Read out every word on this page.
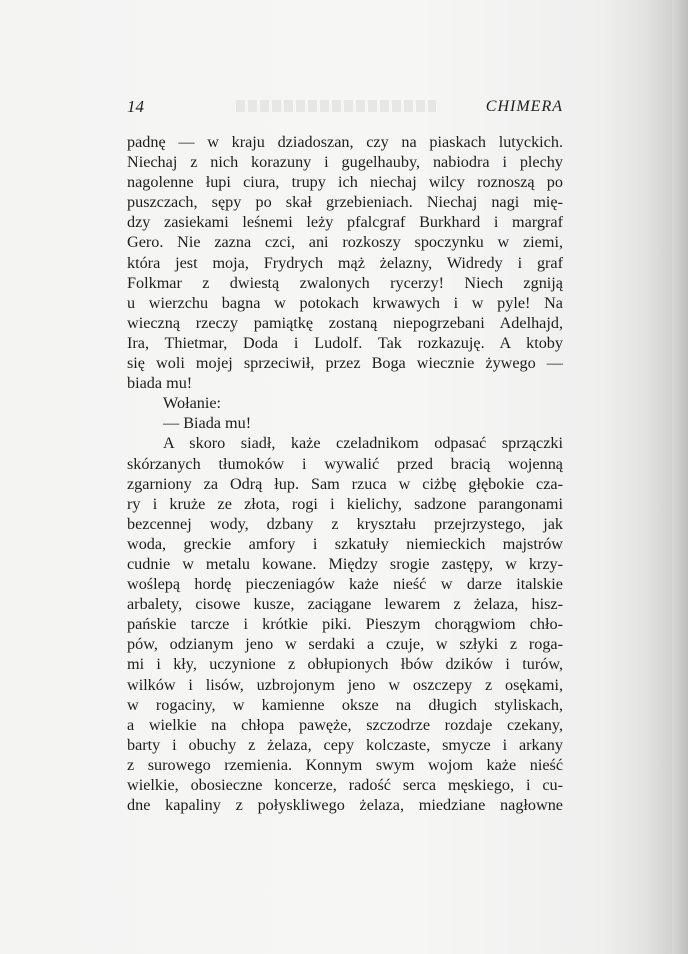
14	CHIMERA
padnę — w kraju dziadoszan, czy na piaskach lutyckich.
Niechaj z nich korazuny i gugelhauby, nabiodra i plechy
nagolenne łupi ciura, trupy ich niechaj wilcy roznoszą po
puszczach, sępy po skał grzebieniach. Niechaj nagi mię-
dzy zasiekami leśnemi leży pfalcgraf Burkhard i margraf
Gero. Nie zazna czci, ani rozkoszy spoczynku w ziemi,
która jest moja, Frydrych mąż żelazny, Widredy i graf
Folkmar z dwiestą zwalonych rycerzy! Niech zgniją
u wierzchu bagna w potokach krwawych i w pyle! Na
wieczną rzeczy pamiątkę zostaną niepogrzebani Adelhajd,
Ira, Thietmar, Doda i Ludolf. Tak rozkazuję. A ktoby
się woli mojej sprzeciwił, przez Boga wiecznie żywego —
biada mu!
Wołanie:
— Biada mu!
A skoro siadł, każe czeladnikom odpasać sprzączki
skórzanych tłumoków i wywalić przed bracią wojenną
zgarniony za Odrą łup. Sam rzuca w ciżbę głębokie cza-
ry i kruże ze złota, rogi i kielichy, sadzone parangonami
bezcennej wody, dzbany z kryształu przejrzystego, jak
woda, greckie amfory i szkatuły niemieckich majstrów
cudnie w metalu kowane. Między srogie zastępy, w krzy-
woślepą hordę pieczeniagów każe nieść w darze italskie
arbalety, cisowe kusze, zaciągane lewarem z żelaza, hisz-
pańskie tarcze i krótkie piki. Pieszym chorągwiom chło-
pów, odzianym jeno w serdaki a czuje, w szłyki z roga-
mi i kły, uczynione z obłupionych łbów dzików i turów,
wilków i lisów, uzbrojonym jeno w oszczepy z osękami,
w rogaciny, w kamienne oksze na długich styliskach,
a wielkie na chłopa pawęże, szczodrze rozdaje czekany,
barty i obuchy z żelaza, cepy kolczaste, smycze i arkany
z surowego rzemienia. Konnym swym wojom każe nieść
wielkie, obosieczne koncerze, radość serca męskiego, i cu-
dne kapaliny z połyskliwego żelaza, miedziane nagłowne
